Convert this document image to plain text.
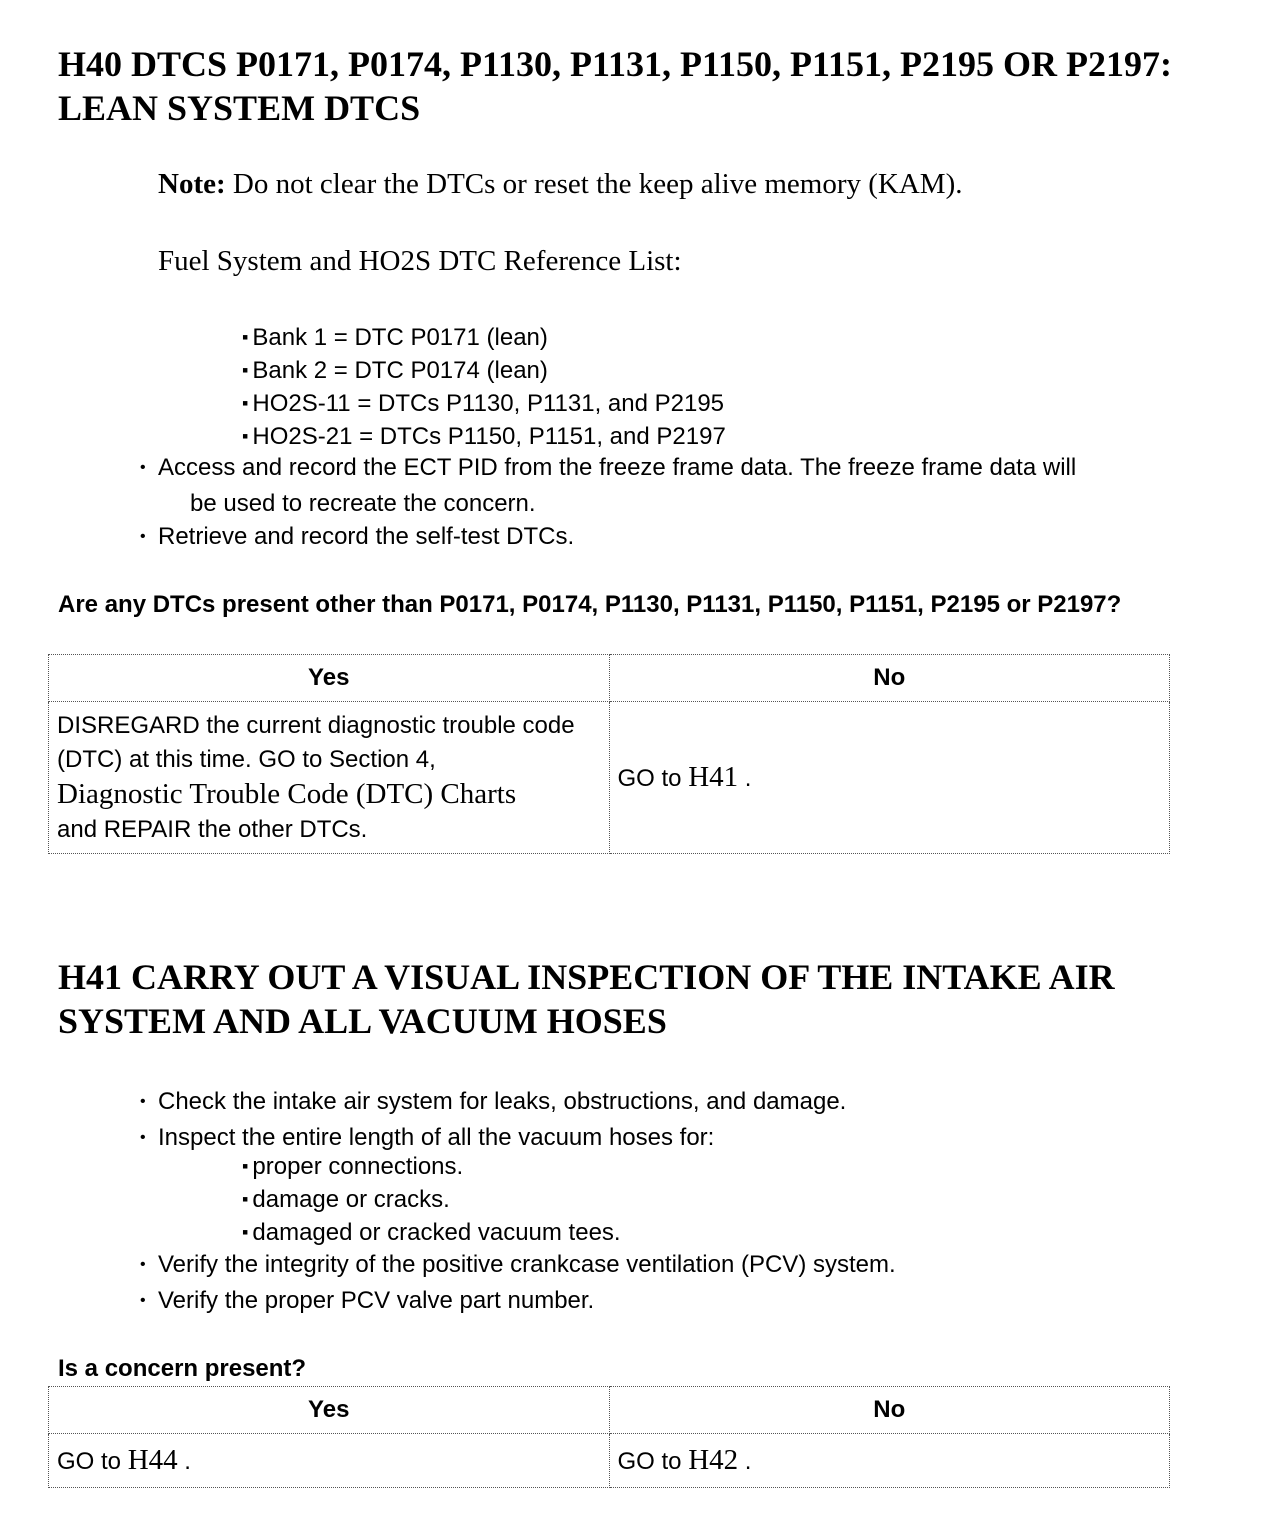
H40 DTCS P0171, P0174, P1130, P1131, P1150, P1151, P2195 OR P2197: LEAN SYSTEM DTCS
Note: Do not clear the DTCs or reset the keep alive memory (KAM).
Fuel System and HO2S DTC Reference List:
▪ Bank 1 = DTC P0171 (lean)
▪ Bank 2 = DTC P0174 (lean)
▪ HO2S-11 = DTCs P1130, P1131, and P2195
▪ HO2S-21 = DTCs P1150, P1151, and P2197
• Access and record the ECT PID from the freeze frame data. The freeze frame data will
be used to recreate the concern.
• Retrieve and record the self-test DTCs.
Are any DTCs present other than P0171, P0174, P1130, P1131, P1150, P1151, P2195 or P2197?
Yes	No
DISREGARD the current diagnostic trouble code (DTC) at this time. GO to Section 4,
Diagnostic Trouble Code (DTC) Charts
and REPAIR the other DTCs.	GO to H41 .
H41 CARRY OUT A VISUAL INSPECTION OF THE INTAKE AIR SYSTEM AND ALL VACUUM HOSES
• Check the intake air system for leaks, obstructions, and damage.
• Inspect the entire length of all the vacuum hoses for:
▪ proper connections.
▪ damage or cracks.
▪ damaged or cracked vacuum tees.
• Verify the integrity of the positive crankcase ventilation (PCV) system.
• Verify the proper PCV valve part number.
Is a concern present?
Yes	No
GO to H44 .	GO to H42 .
